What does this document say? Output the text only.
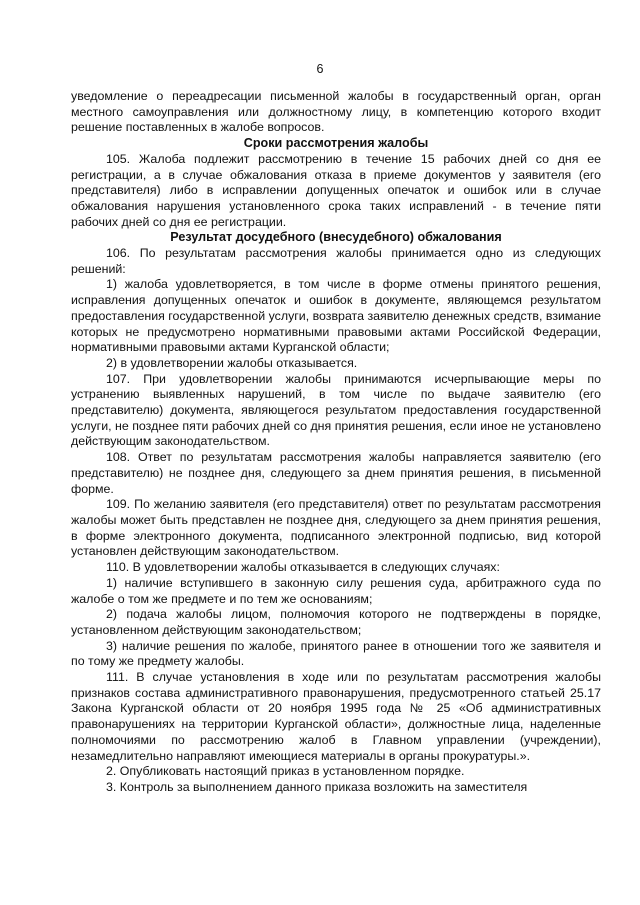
6

уведомление о переадресации письменной жалобы в государственный орган, орган местного самоуправления или должностному лицу, в компетенцию которого входит решение поставленных в жалобе вопросов.

Сроки рассмотрения жалобы

105. Жалоба подлежит рассмотрению в течение 15 рабочих дней со дня ее регистрации, а в случае обжалования отказа в приеме документов у заявителя (его представителя) либо в исправлении допущенных опечаток и ошибок или в случае обжалования нарушения установленного срока таких исправлений - в течение пяти рабочих дней со дня ее регистрации.

Результат досудебного (внесудебного) обжалования

106. По результатам рассмотрения жалобы принимается одно из следующих решений:

1) жалоба удовлетворяется, в том числе в форме отмены принятого решения, исправления допущенных опечаток и ошибок в документе, являющемся результатом предоставления государственной услуги, возврата заявителю денежных средств, взимание которых не предусмотрено нормативными правовыми актами Российской Федерации, нормативными правовыми актами Курганской области;

2) в удовлетворении жалобы отказывается.

107. При удовлетворении жалобы принимаются исчерпывающие меры по устранению выявленных нарушений, в том числе по выдаче заявителю (его представителю) документа, являющегося результатом предоставления государственной услуги, не позднее пяти рабочих дней со дня принятия решения, если иное не установлено действующим законодательством.

108. Ответ по результатам рассмотрения жалобы направляется заявителю (его представителю) не позднее дня, следующего за днем принятия решения, в письменной форме.

109. По желанию заявителя (его представителя) ответ по результатам рассмотрения жалобы может быть представлен не позднее дня, следующего за днем принятия решения, в форме электронного документа, подписанного электронной подписью, вид которой установлен действующим законодательством.

110. В удовлетворении жалобы отказывается в следующих случаях:

1) наличие вступившего в законную силу решения суда, арбитражного суда по жалобе о том же предмете и по тем же основаниям;

2) подача жалобы лицом, полномочия которого не подтверждены в порядке, установленном действующим законодательством;

3) наличие решения по жалобе, принятого ранее в отношении того же заявителя и по тому же предмету жалобы.

111. В случае установления в ходе или по результатам рассмотрения жалобы признаков состава административного правонарушения, предусмотренного статьей 25.17 Закона Курганской области от 20 ноября 1995 года № 25 «Об административных правонарушениях на территории Курганской области», должностные лица, наделенные полномочиями по рассмотрению жалоб в Главном управлении (учреждении), незамедлительно направляют имеющиеся материалы в органы прокуратуры.».

2. Опубликовать настоящий приказ в установленном порядке.

3. Контроль за выполнением данного приказа возложить на заместителя
